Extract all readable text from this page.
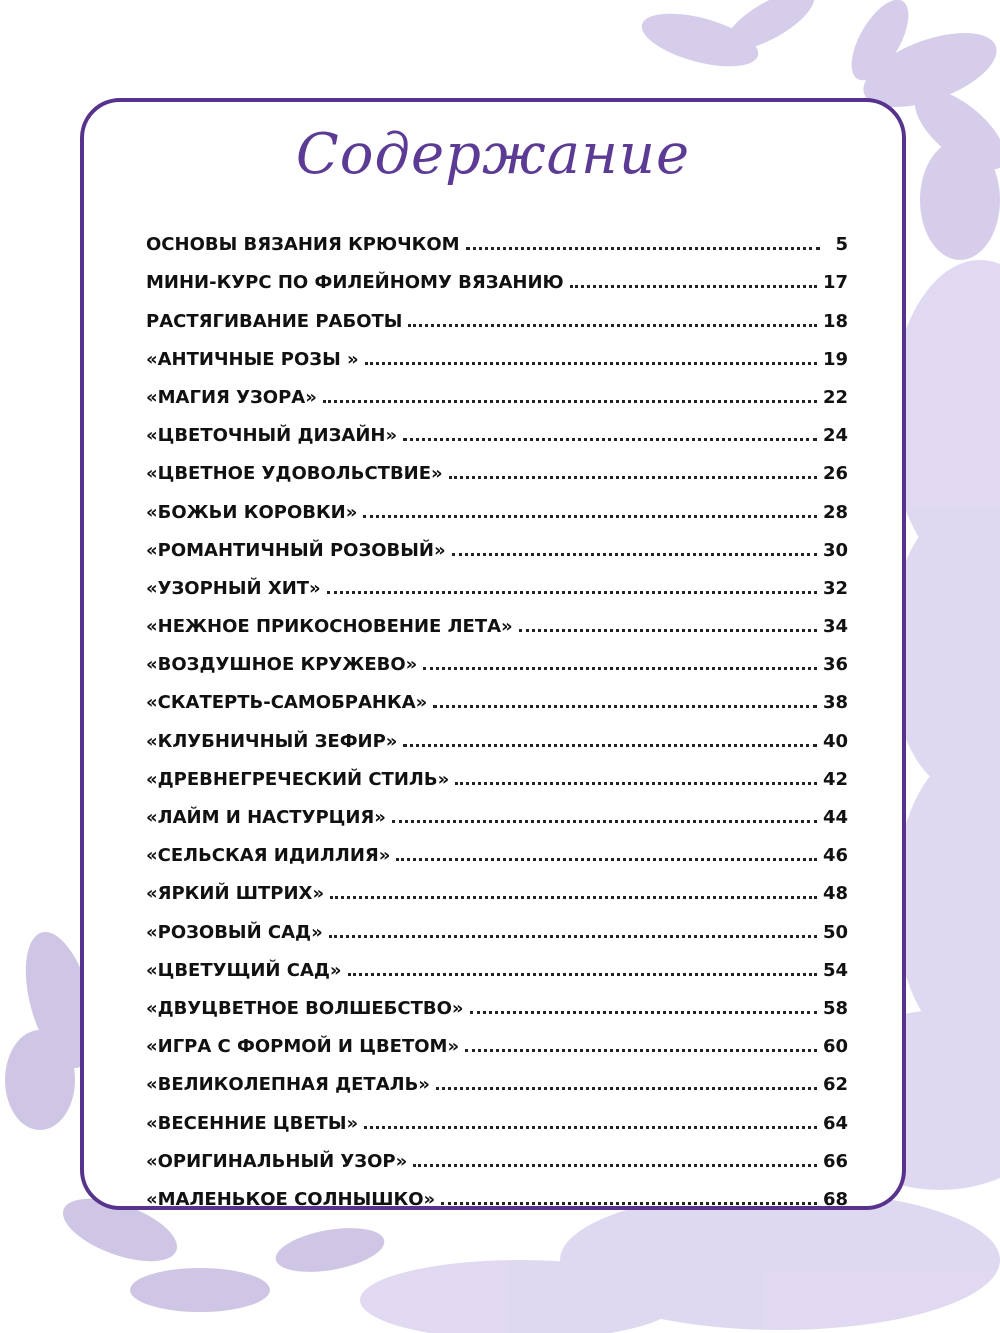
Содержание
ОСНОВЫ ВЯЗАНИЯ КРЮЧКОМ	5
МИНИ-КУРС ПО ФИЛЕЙНОМУ ВЯЗАНИЮ	17
РАСТЯГИВАНИЕ РАБОТЫ	18
«АНТИЧНЫЕ РОЗЫ »	19
«МАГИЯ УЗОРА»	22
«ЦВЕТОЧНЫЙ ДИЗАЙН»	24
«ЦВЕТНОЕ УДОВОЛЬСТВИЕ»	26
«БОЖЬИ КОРОВКИ»	28
«РОМАНТИЧНЫЙ РОЗОВЫЙ»	30
«УЗОРНЫЙ ХИТ»	32
«НЕЖНОЕ ПРИКОСНОВЕНИЕ ЛЕТА»	34
«ВОЗДУШНОЕ КРУЖЕВО»	36
«СКАТЕРТЬ-САМОБРАНКА»	38
«КЛУБНИЧНЫЙ ЗЕФИР»	40
«ДРЕВНЕГРЕЧЕСКИЙ СТИЛЬ»	42
«ЛАЙМ И НАСТУРЦИЯ»	44
«СЕЛЬСКАЯ ИДИЛЛИЯ»	46
«ЯРКИЙ ШТРИХ»	48
«РОЗОВЫЙ САД»	50
«ЦВЕТУЩИЙ САД»	54
«ДВУЦВЕТНОЕ ВОЛШЕБСТВО»	58
«ИГРА С ФОРМОЙ И ЦВЕТОМ»	60
«ВЕЛИКОЛЕПНАЯ ДЕТАЛЬ»	62
«ВЕСЕННИЕ ЦВЕТЫ»	64
«ОРИГИНАЛЬНЫЙ УЗОР»	66
«МАЛЕНЬКОЕ СОЛНЫШКО»	68
